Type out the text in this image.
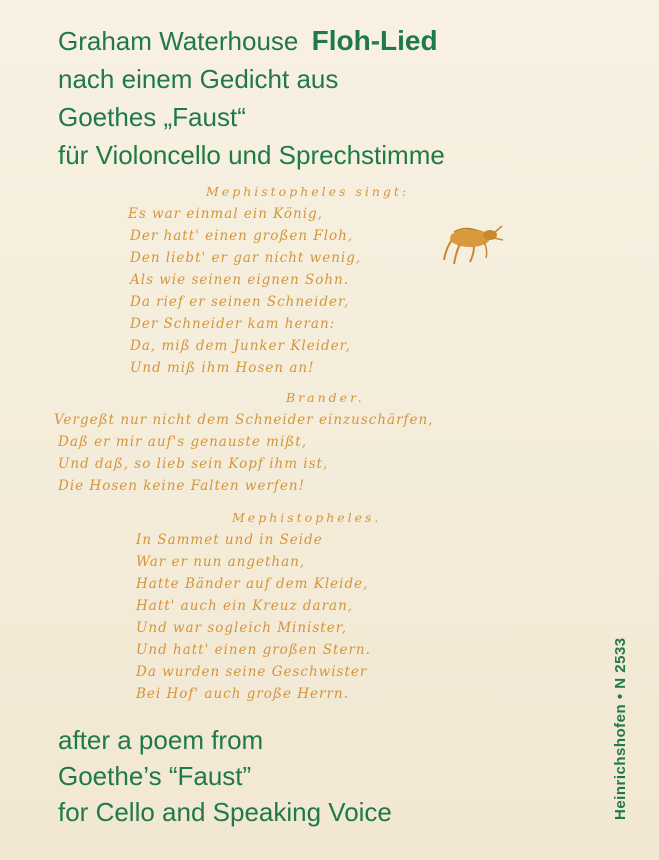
Graham Waterhouse Floh-Lied
nach einem Gedicht aus
Goethes „Faust“
für Violoncello und Sprechstimme
Mephistopheles singt:
Es war einmal ein König,
Der hatt' einen großen Floh,
Den liebt' er gar nicht wenig,
Als wie seinen eignen Sohn.
Da rief er seinen Schneider,
Der Schneider kam heran:
Da, miß dem Junker Kleider,
Und miß ihm Hosen an!
Brander.
Vergeßt nur nicht dem Schneider einzuschärfen,
Daß er mir auf's genauste mißt,
Und daß, so lieb sein Kopf ihm ist,
Die Hosen keine Falten werfen!
Mephistopheles.
In Sammet und in Seide
War er nun angethan,
Hatte Bänder auf dem Kleide,
Hatt' auch ein Kreuz daran,
Und war sogleich Minister,
Und hatt' einen großen Stern.
Da wurden seine Geschwister
Bei Hof' auch große Herrn.
after a poem from
Goethe’s “Faust”
for Cello and Speaking Voice	Heinrichshofen • N 2533
